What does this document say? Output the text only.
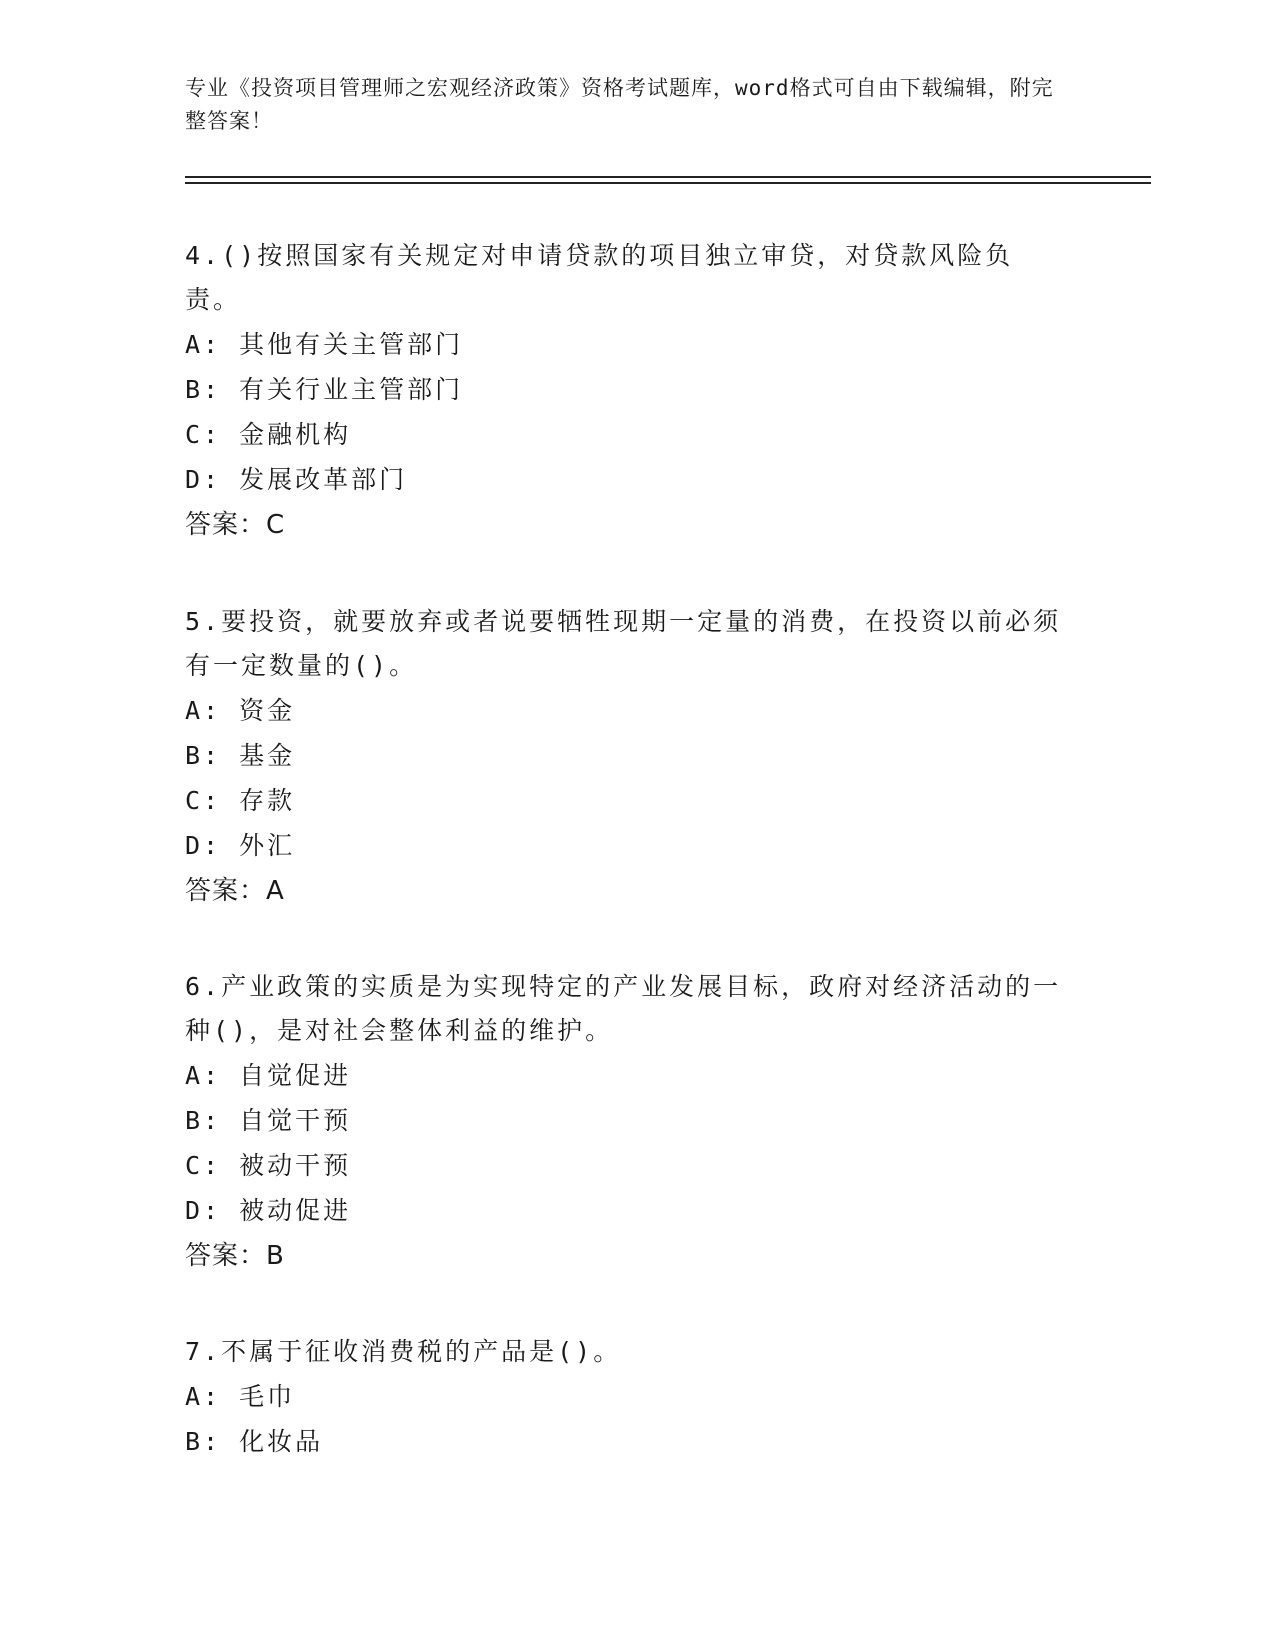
专业《投资项目管理师之宏观经济政策》资格考试题库，word格式可自由下载编辑，附完整答案！

4.()按照国家有关规定对申请贷款的项目独立审贷，对贷款风险负责。

A: 其他有关主管部门

B: 有关行业主管部门

C: 金融机构

D: 发展改革部门

答案：C

5.要投资，就要放弃或者说要牺牲现期一定量的消费，在投资以前必须有一定数量的()。

A: 资金

B: 基金

C: 存款

D: 外汇

答案：A

6.产业政策的实质是为实现特定的产业发展目标，政府对经济活动的一种()，是对社会整体利益的维护。

A: 自觉促进

B: 自觉干预

C: 被动干预

D: 被动促进

答案：B

7.不属于征收消费税的产品是()。

A: 毛巾

B: 化妆品
